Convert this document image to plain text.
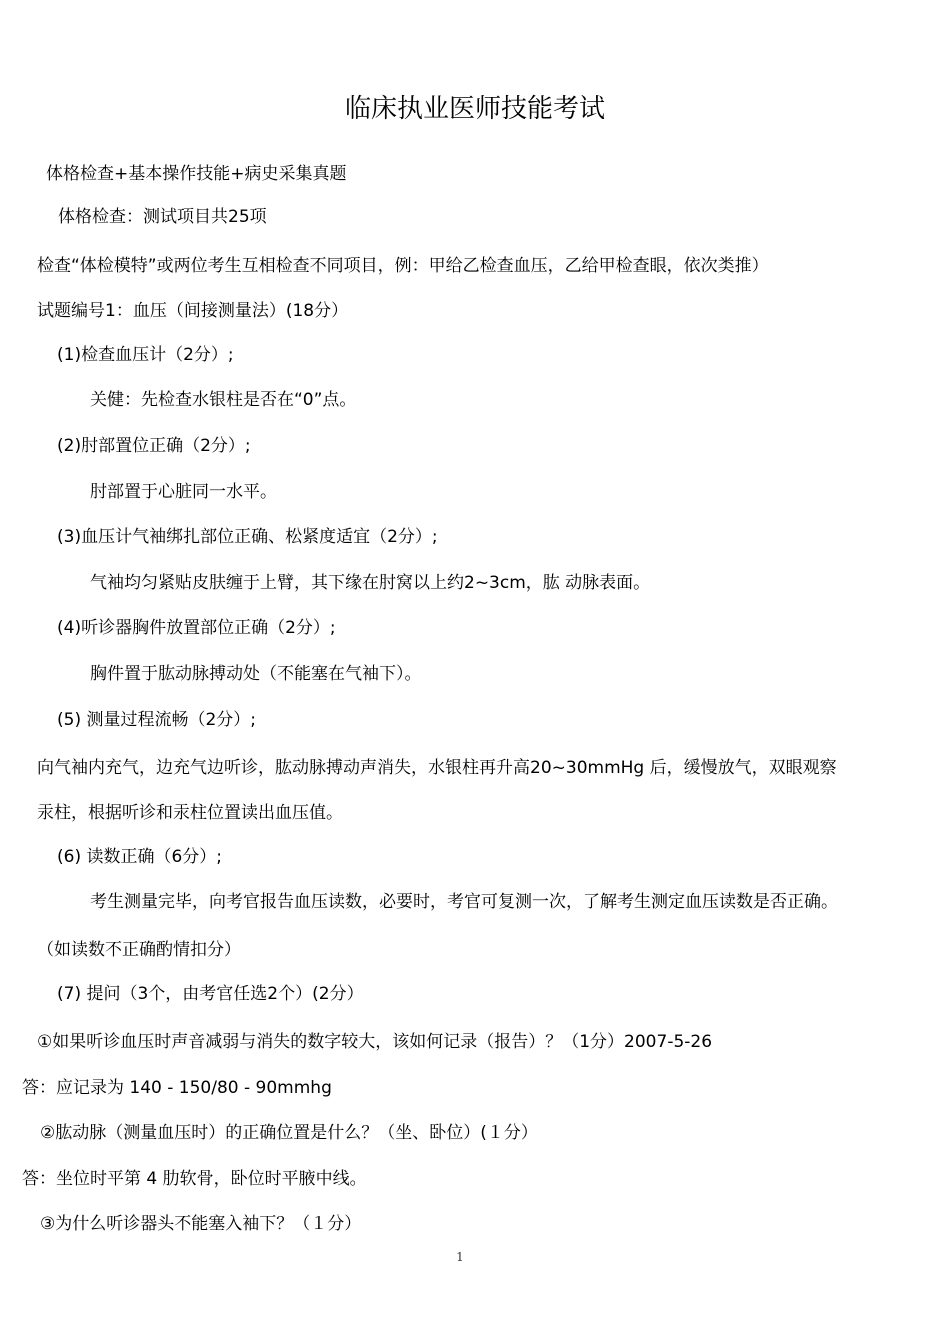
临床执业医师技能考试
体格检查+基本操作技能+病史采集真题
体格检查：测试项目共25项
检查“体检模特”或两位考生互相检查不同项目，例：甲给乙检查血压，乙给甲检查眼，依次类推）
试题编号1：血压（间接测量法）(18分）
(1)检查血压计（2分）;
关健：先检查水银柱是否在“0”点。
(2)肘部置位正确（2分）;
肘部置于心脏同一水平。
(3)血压计气袖绑扎部位正确、松紧度适宜（2分）;
气袖均匀紧贴皮肤缠于上臂，其下缘在肘窝以上约2~3cm，肱 动脉表面。
(4)听诊器胸件放置部位正确（2分）;
胸件置于肱动脉搏动处（不能塞在气袖下）。
(5) 测量过程流畅（2分）;
向气袖内充气，边充气边听诊，肱动脉搏动声消失，水银柱再升高20~30mmHg 后，缓慢放气，双眼观察
汞柱，根据听诊和汞柱位置读出血压值。
(6) 读数正确（6分）;
考生测量完毕，向考官报告血压读数，必要时，考官可复测一次，了解考生测定血压读数是否正确。
（如读数不正确酌情扣分）
(7) 提问（3个，由考官任选2个）(2分）
①如果听诊血压时声音减弱与消失的数字较大，该如何记录（报告）？（1分）2007-5-26
答：应记录为 140 - 150/80 - 90mmhg
②肱动脉（测量血压时）的正确位置是什么？（坐、卧位）(１分）
答：坐位时平第 4 肋软骨，卧位时平腋中线。
③为什么听诊器头不能塞入袖下？（１分）
1
